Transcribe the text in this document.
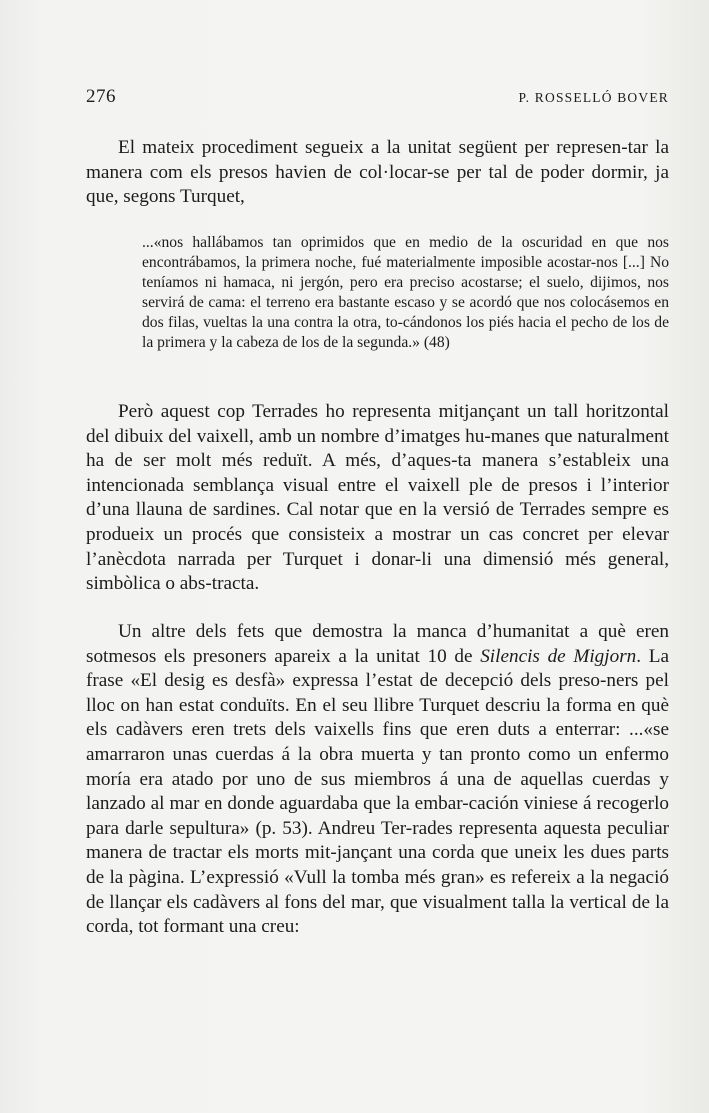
276	P. ROSSELLÓ BOVER

El mateix procediment segueix a la unitat següent per represen-tar la manera com els presos havien de col·locar-se per tal de poder dormir, ja que, segons Turquet,

...«nos hallábamos tan oprimidos que en medio de la oscuridad en que nos encontrábamos, la primera noche, fué materialmente imposible acostar-nos [...] No teníamos ni hamaca, ni jergón, pero era preciso acostarse; el suelo, dijimos, nos servirá de cama: el terreno era bastante escaso y se acordó que nos colocásemos en dos filas, vueltas la una contra la otra, to-cándonos los piés hacia el pecho de los de la primera y la cabeza de los de la segunda.» (48)

Però aquest cop Terrades ho representa mitjançant un tall horitzontal del dibuix del vaixell, amb un nombre d’imatges hu-manes que naturalment ha de ser molt més reduït. A més, d’aques-ta manera s’estableix una intencionada semblança visual entre el vaixell ple de presos i l’interior d’una llauna de sardines. Cal notar que en la versió de Terrades sempre es produeix un procés que consisteix a mostrar un cas concret per elevar l’anècdota narrada per Turquet i donar-li una dimensió més general, simbòlica o abs-tracta.

Un altre dels fets que demostra la manca d’humanitat a què eren sotmesos els presoners apareix a la unitat 10 de Silencis de Migjorn. La frase «El desig es desfà» expressa l’estat de decepció dels preso-ners pel lloc on han estat conduïts. En el seu llibre Turquet descriu la forma en què els cadàvers eren trets dels vaixells fins que eren duts a enterrar: ...«se amarraron unas cuerdas á la obra muerta y tan pronto como un enfermo moría era atado por uno de sus miembros á una de aquellas cuerdas y lanzado al mar en donde aguardaba que la embar-cación viniese á recogerlo para darle sepultura» (p. 53). Andreu Ter-rades representa aquesta peculiar manera de tractar els morts mit-jançant una corda que uneix les dues parts de la pàgina. L’expressió «Vull la tomba més gran» es refereix a la negació de llançar els cadàvers al fons del mar, que visualment talla la vertical de la corda, tot formant una creu:
